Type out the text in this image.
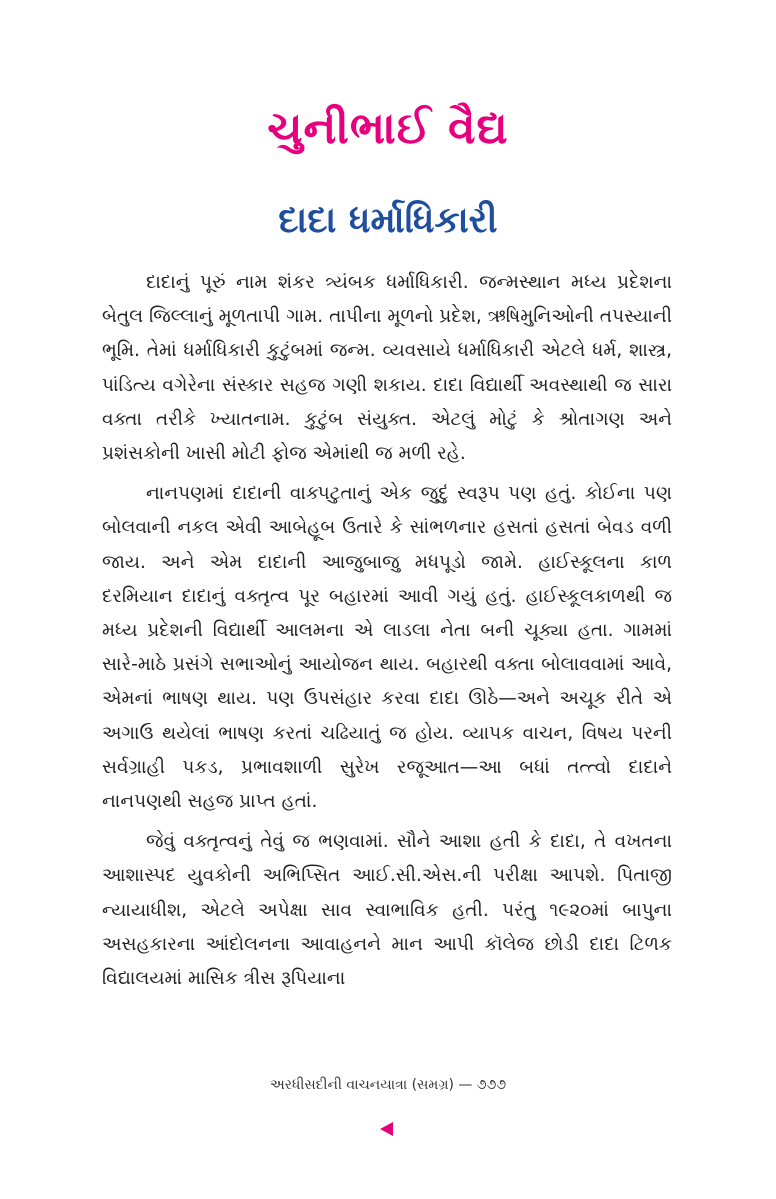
ચુનીભાઈ વૈદ્ય
દાદા ધર્માધિકારી

દાદાનું પૂરું નામ શંકર ત્ર્યંબક ધર્માધિકારી. જન્મસ્થાન મધ્ય પ્રદેશના બેતુલ જિલ્લાનું મૂળતાપી ગામ. તાપીના મૂળનો પ્રદેશ, ઋષિમુનિઓની તપસ્યાની ભૂમિ. તેમાં ધર્માધિકારી કુટુંબમાં જન્મ. વ્યવસાયે ધર્માધિકારી એટલે ધર્મ, શાસ્ત્ર, પાંડિત્ય વગેરેના સંસ્કાર સહજ ગણી શકાય. દાદા વિદ્યાર્થી અવસ્થાથી જ સારા વક્તા તરીકે ખ્યાતનામ. કુટુંબ સંયુક્ત. એટલું મોટું કે શ્રોતાગણ અને પ્રશંસકોની ખાસી મોટી ફોજ એમાંથી જ મળી રહે.

નાનપણમાં દાદાની વાક્પટુતાનું એક જુદું સ્વરૂપ પણ હતું. કોઈના પણ બોલવાની નકલ એવી આબેહૂબ ઉતારે કે સાંભળનાર હસતાં હસતાં બેવડ વળી જાય. અને એમ દાદાની આજુબાજુ મધપૂડો જામે. હાઈસ્કૂલના કાળ દરમિયાન દાદાનું વક્તૃત્વ પૂર બહારમાં આવી ગયું હતું. હાઈસ્કૂલકાળથી જ મધ્ય પ્રદેશની વિદ્યાર્થી આલમના એ લાડલા નેતા બની ચૂક્યા હતા. ગામમાં સારે-માઠે પ્રસંગે સભાઓનું આયોજન થાય. બહારથી વક્તા બોલાવવામાં આવે, એમનાં ભાષણ થાય. પણ ઉપસંહાર કરવા દાદા ઊઠે—અને અચૂક રીતે એ અગાઉ થયેલાં ભાષણ કરતાં ચઢિયાતું જ હોય. વ્યાપક વાચન, વિષય પરની સર્વગ્રાહી પકડ, પ્રભાવશાળી સુરેખ રજૂઆત—આ બધાં તત્ત્વો દાદાને નાનપણથી સહજ પ્રાપ્ત હતાં.

જેવું વક્તૃત્વનું તેવું જ ભણવામાં. સૌને આશા હતી કે દાદા, તે વખતના આશાસ્પદ યુવકોની અભિપ્સિત આઈ.સી.એસ.ની પરીક્ષા આપશે. પિતાજી ન્યાયાધીશ, એટલે અપેક્ષા સાવ સ્વાભાવિક હતી. પરંતુ ૧૯૨૦માં બાપુના અસહકારના આંદોલનના આવાહનને માન આપી કૉલેજ છોડી દાદા ટિળક વિદ્યાલયમાં માસિક ત્રીસ રૂપિયાના

અરધીસદીની વાચનયાત્રા (સમગ્ર) — ૭૭૭
